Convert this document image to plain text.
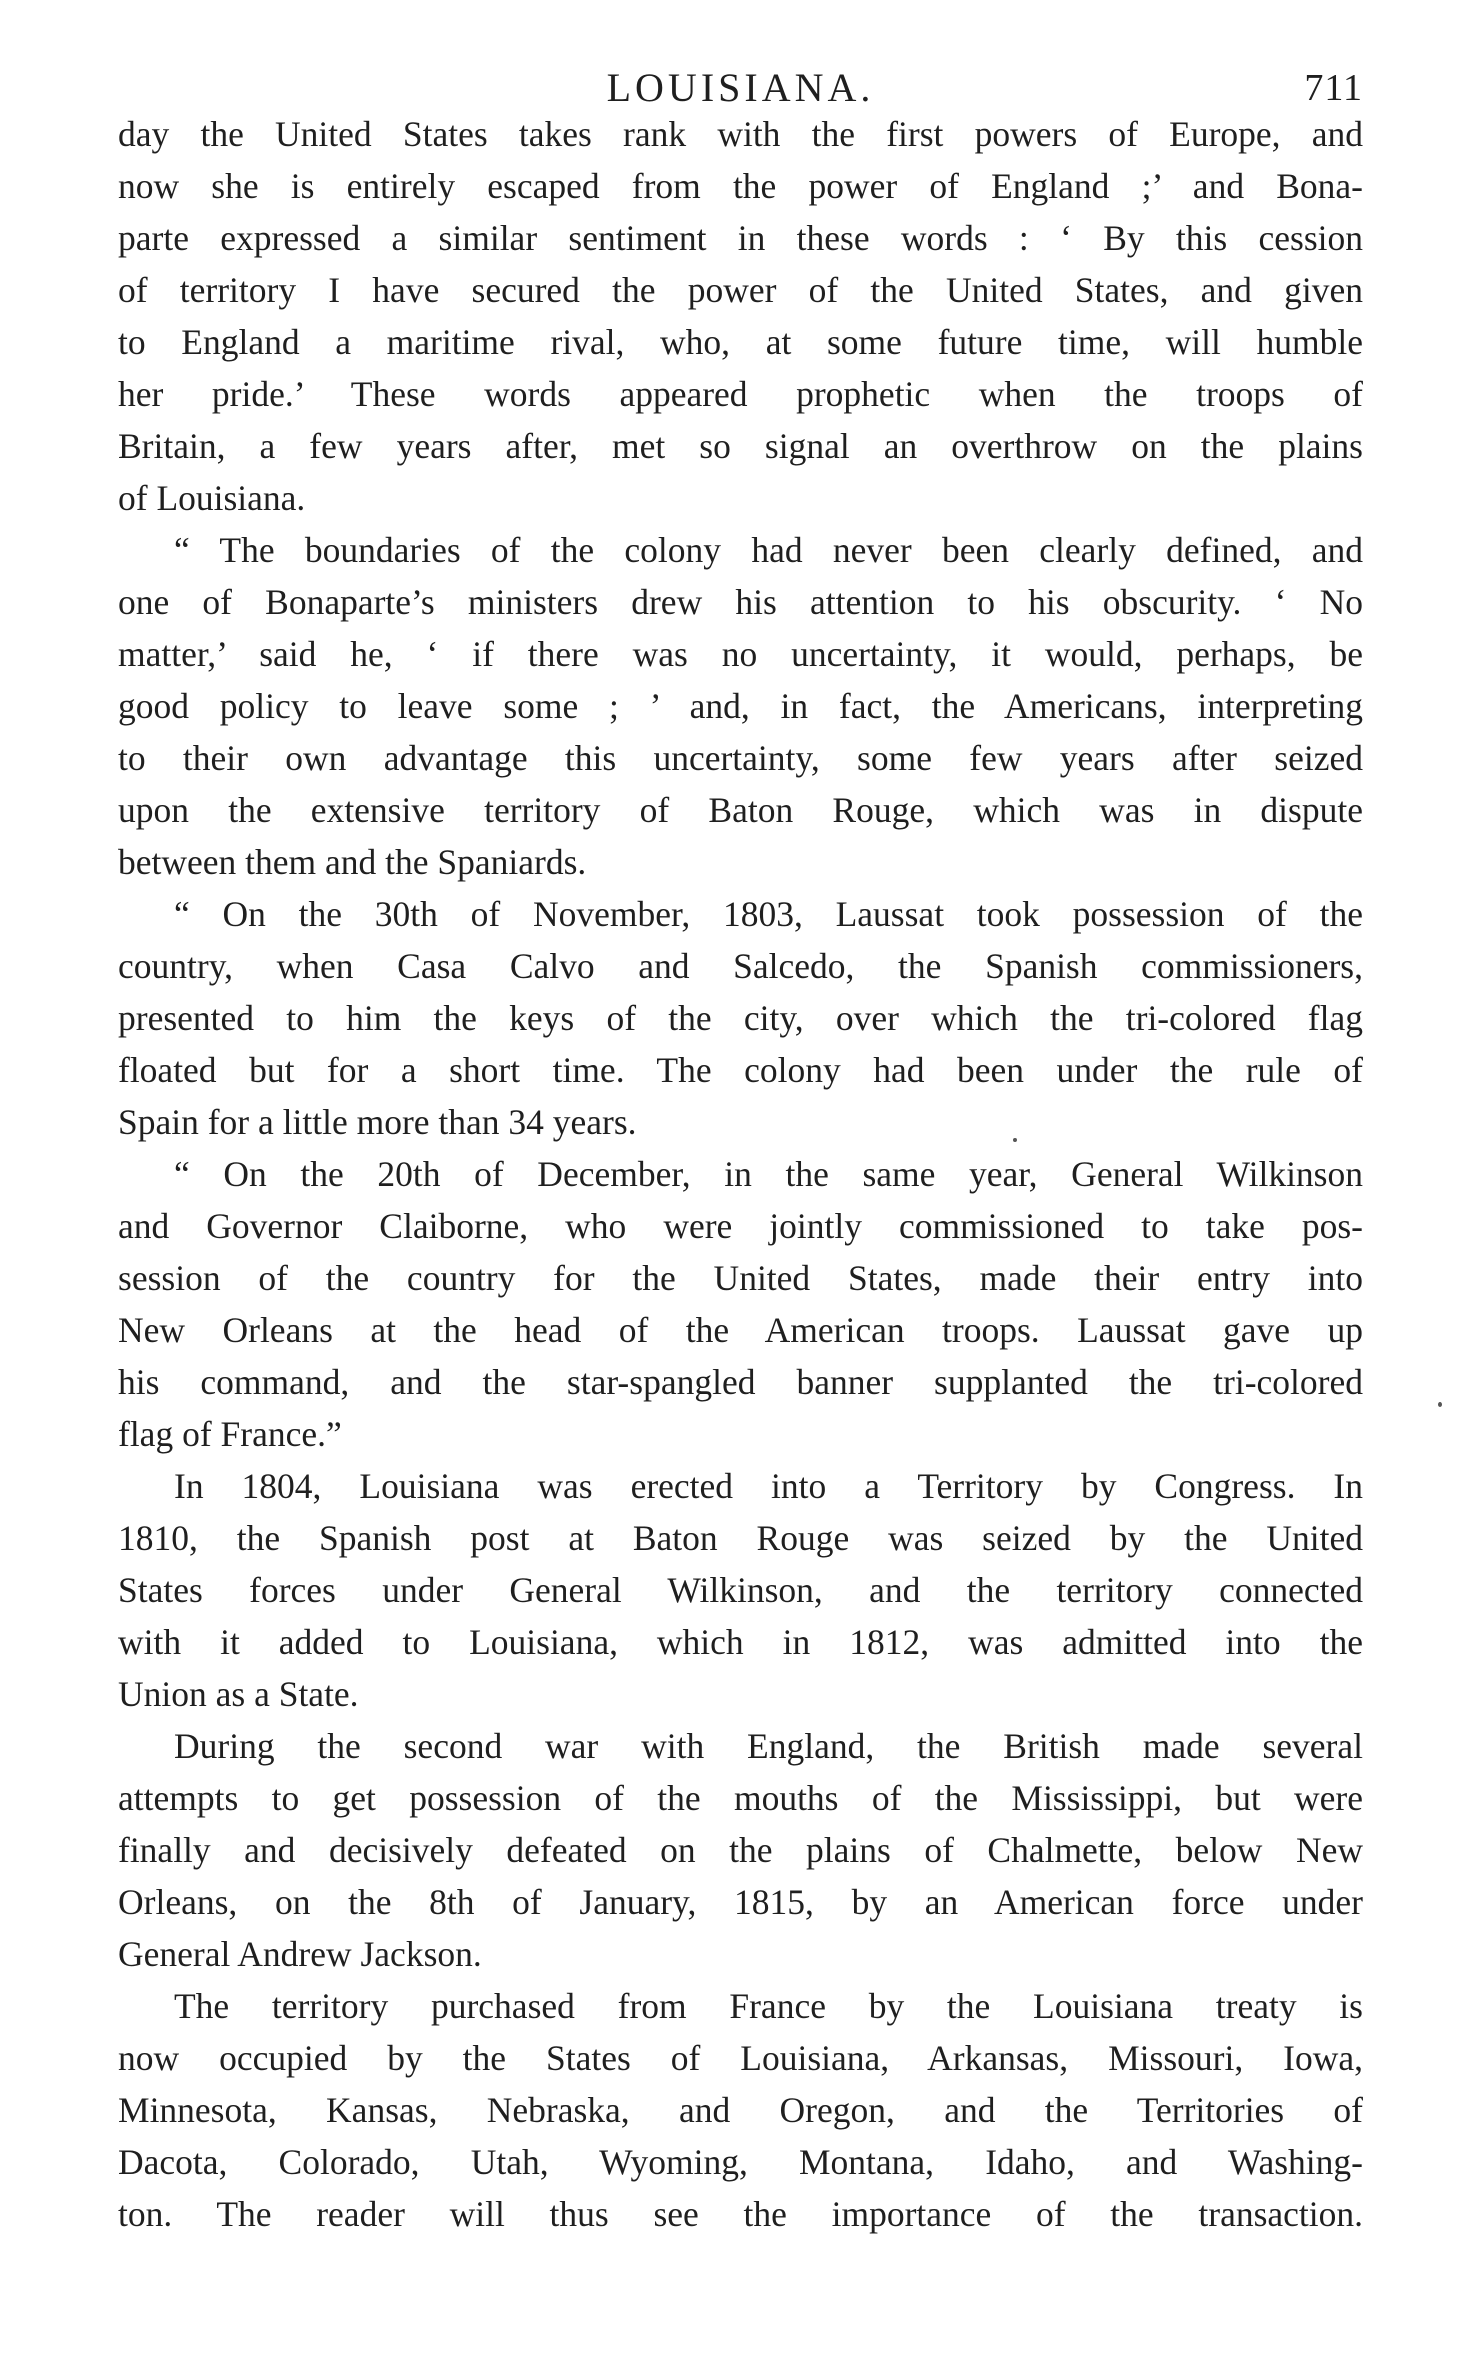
LOUISIANA.	711
day the United States takes rank with the first powers of Europe, and
now she is entirely escaped from the power of England ;’ and Bona-
parte expressed a similar sentiment in these words : ‘ By this cession
of territory I have secured the power of the United States, and given
to England a maritime rival, who, at some future time, will humble
her pride.’ These words appeared prophetic when the troops of
Britain, a few years after, met so signal an overthrow on the plains
of Louisiana.
“ The boundaries of the colony had never been clearly defined, and
one of Bonaparte’s ministers drew his attention to his obscurity. ‘ No
matter,’ said he, ‘ if there was no uncertainty, it would, perhaps, be
good policy to leave some ; ’ and, in fact, the Americans, interpreting
to their own advantage this uncertainty, some few years after seized
upon the extensive territory of Baton Rouge, which was in dispute
between them and the Spaniards.
“ On the 30th of November, 1803, Laussat took possession of the
country, when Casa Calvo and Salcedo, the Spanish commissioners,
presented to him the keys of the city, over which the tri-colored flag
floated but for a short time. The colony had been under the rule of
Spain for a little more than 34 years.
“ On the 20th of December, in the same year, General Wilkinson
and Governor Claiborne, who were jointly commissioned to take pos-
session of the country for the United States, made their entry into
New Orleans at the head of the American troops. Laussat gave up
his command, and the star-spangled banner supplanted the tri-colored
flag of France.”
In 1804, Louisiana was erected into a Territory by Congress. In
1810, the Spanish post at Baton Rouge was seized by the United
States forces under General Wilkinson, and the territory connected
with it added to Louisiana, which in 1812, was admitted into the
Union as a State.
During the second war with England, the British made several
attempts to get possession of the mouths of the Mississippi, but were
finally and decisively defeated on the plains of Chalmette, below New
Orleans, on the 8th of January, 1815, by an American force under
General Andrew Jackson.
The territory purchased from France by the Louisiana treaty is
now occupied by the States of Louisiana, Arkansas, Missouri, Iowa,
Minnesota, Kansas, Nebraska, and Oregon, and the Territories of
Dacota, Colorado, Utah, Wyoming, Montana, Idaho, and Washing-
ton. The reader will thus see the importance of the transaction.
